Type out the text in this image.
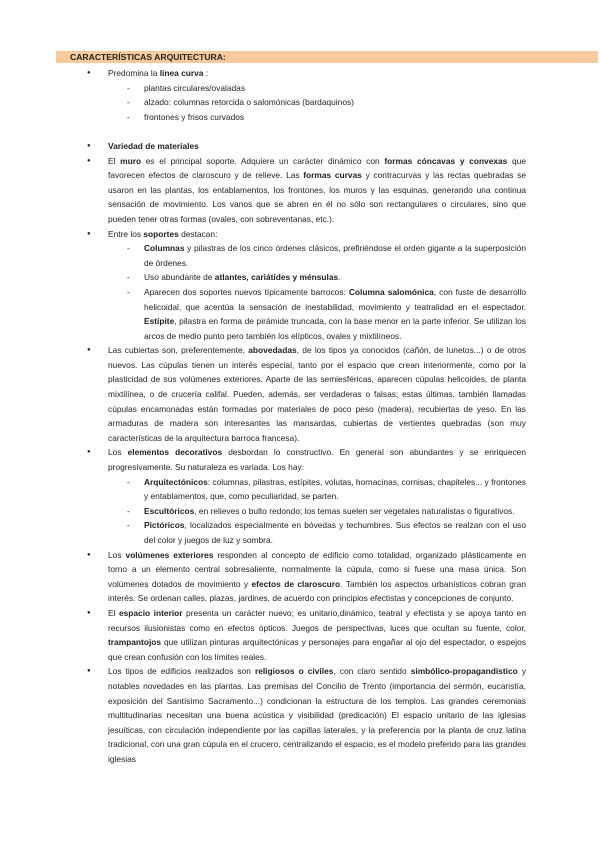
CARACTERÍSTICAS ARQUITECTURA:

● Predomina la línea curva :

- plantas circulares/ovaladas

- alzado: columnas retorcida o salomónicas (bardaquinos)

- frontones y frisos curvados

● Variedad de materiales

● El muro es el principal soporte. Adquiere un carácter dinámico con formas cóncavas y convexas que favorecen efectos de claroscuro y de relieve. Las formas curvas y contracurvas y las rectas quebradas se usaron en las plantas, los entablamentos, los frontones, los muros y las esquinas, generando una continua sensación de movimiento. Los vanos que se abren en él no sólo son rectangulares o circulares, sino que pueden tener otras formas (ovales, con sobreventanas, etc.).

● Entre los soportes destacan:

- Columnas y pilastras de los cinco órdenes clásicos, prefiriéndose el orden gigante a la superposición de órdenes.

- Uso abundante de atlantes, cariátides y ménsulas.

- Aparecen dos soportes nuevos típicamente barrocos: Columna salomónica, con fuste de desarrollo helicoidal, que acentúa la sensación de inestabilidad, movimiento y teatralidad en el espectador. Estípite, pilastra en forma de pirámide truncada, con la base menor en la parte inferior. Se utilizan los arcos de medio punto pero también los elípticos, ovales y mixtilíneos.

● Las cubiertas son, preferentemente, abovedadas, de los tipos ya conocidos (cañón, de lunetos...) o de otros nuevos. Las cúpulas tienen un interés especial, tanto por el espacio que crean interiormente, como por la plasticidad de sus volúmenes exteriores. Aparte de las semiesféricas, aparecen cúpulas helicoides, de planta mixtilínea, o de crucería califal. Pueden, además, ser verdaderas o falsas; estas últimas, también llamadas cúpulas encamonadas están formadas por materiales de poco peso (madera), recubiertas de yeso. En las armaduras de madera son interesantes las mansardas, cubiertas de vertientes quebradas (son muy características de la arquitectura barroca francesa).

● Los elementos decorativos desbordan lo constructivo. En general son abundantes y se enriquecen progresivamente. Su naturaleza es variada. Los hay:

- Arquitectónicos: columnas, pilastras, estípites, volutas, hornacinas, cornisas, chapiteles... y frontones y entablamentos, que, como peculiaridad, se parten.

- Escultóricos, en relieves o bulto redondo; los temas suelen ser vegetales naturalistas o figurativos.

- Pictóricos, localizados especialmente en bóvedas y techumbres. Sus efectos se realzan con el uso del color y juegos de luz y sombra.

● Los volúmenes exteriores responden al concepto de edificio como totalidad, organizado plásticamente en torno a un elemento central sobresaliente, normalmente la cúpula, como si fuese una masa única. Son volúmenes dotados de movimiento y efectos de claroscuro. También los aspectos urbanísticos cobran gran interés. Se ordenan calles, plazas, jardines, de acuerdo con principios efectistas y concepciones de conjunto.

● El espacio interior presenta un carácter nuevo; es unitario,dinámico, teatral y efectista y se apoya tanto en recursos ilusionistas como en efectos ópticos. Juegos de perspectivas, luces que ocultan su fuente, color, trampantojos que utilizan pinturas arquitectónicas y personajes para engañar al ojo del espectador, o espejos que crean confusión con los límites reales.

● Los tipos de edificios realizados son religiosos o civiles, con claro sentido simbólico-propagandístico y notables novedades en las plantas. Las premisas del Concilio de Trento (importancia del sermón, eucaristía, exposición del Santísimo Sacramento...) condicionan la estructura de los templos. Las grandes ceremonias multitudinarias necesitan una buena acústica y visibilidad (predicación) El espacio unitario de las iglesias jesuíticas, con circulación independiente por las capillas laterales, y la preferencia por la planta de cruz latina tradicional, con una gran cúpula en el crucero, centralizando el espacio, es el modelo preferido para las grandes iglesias
